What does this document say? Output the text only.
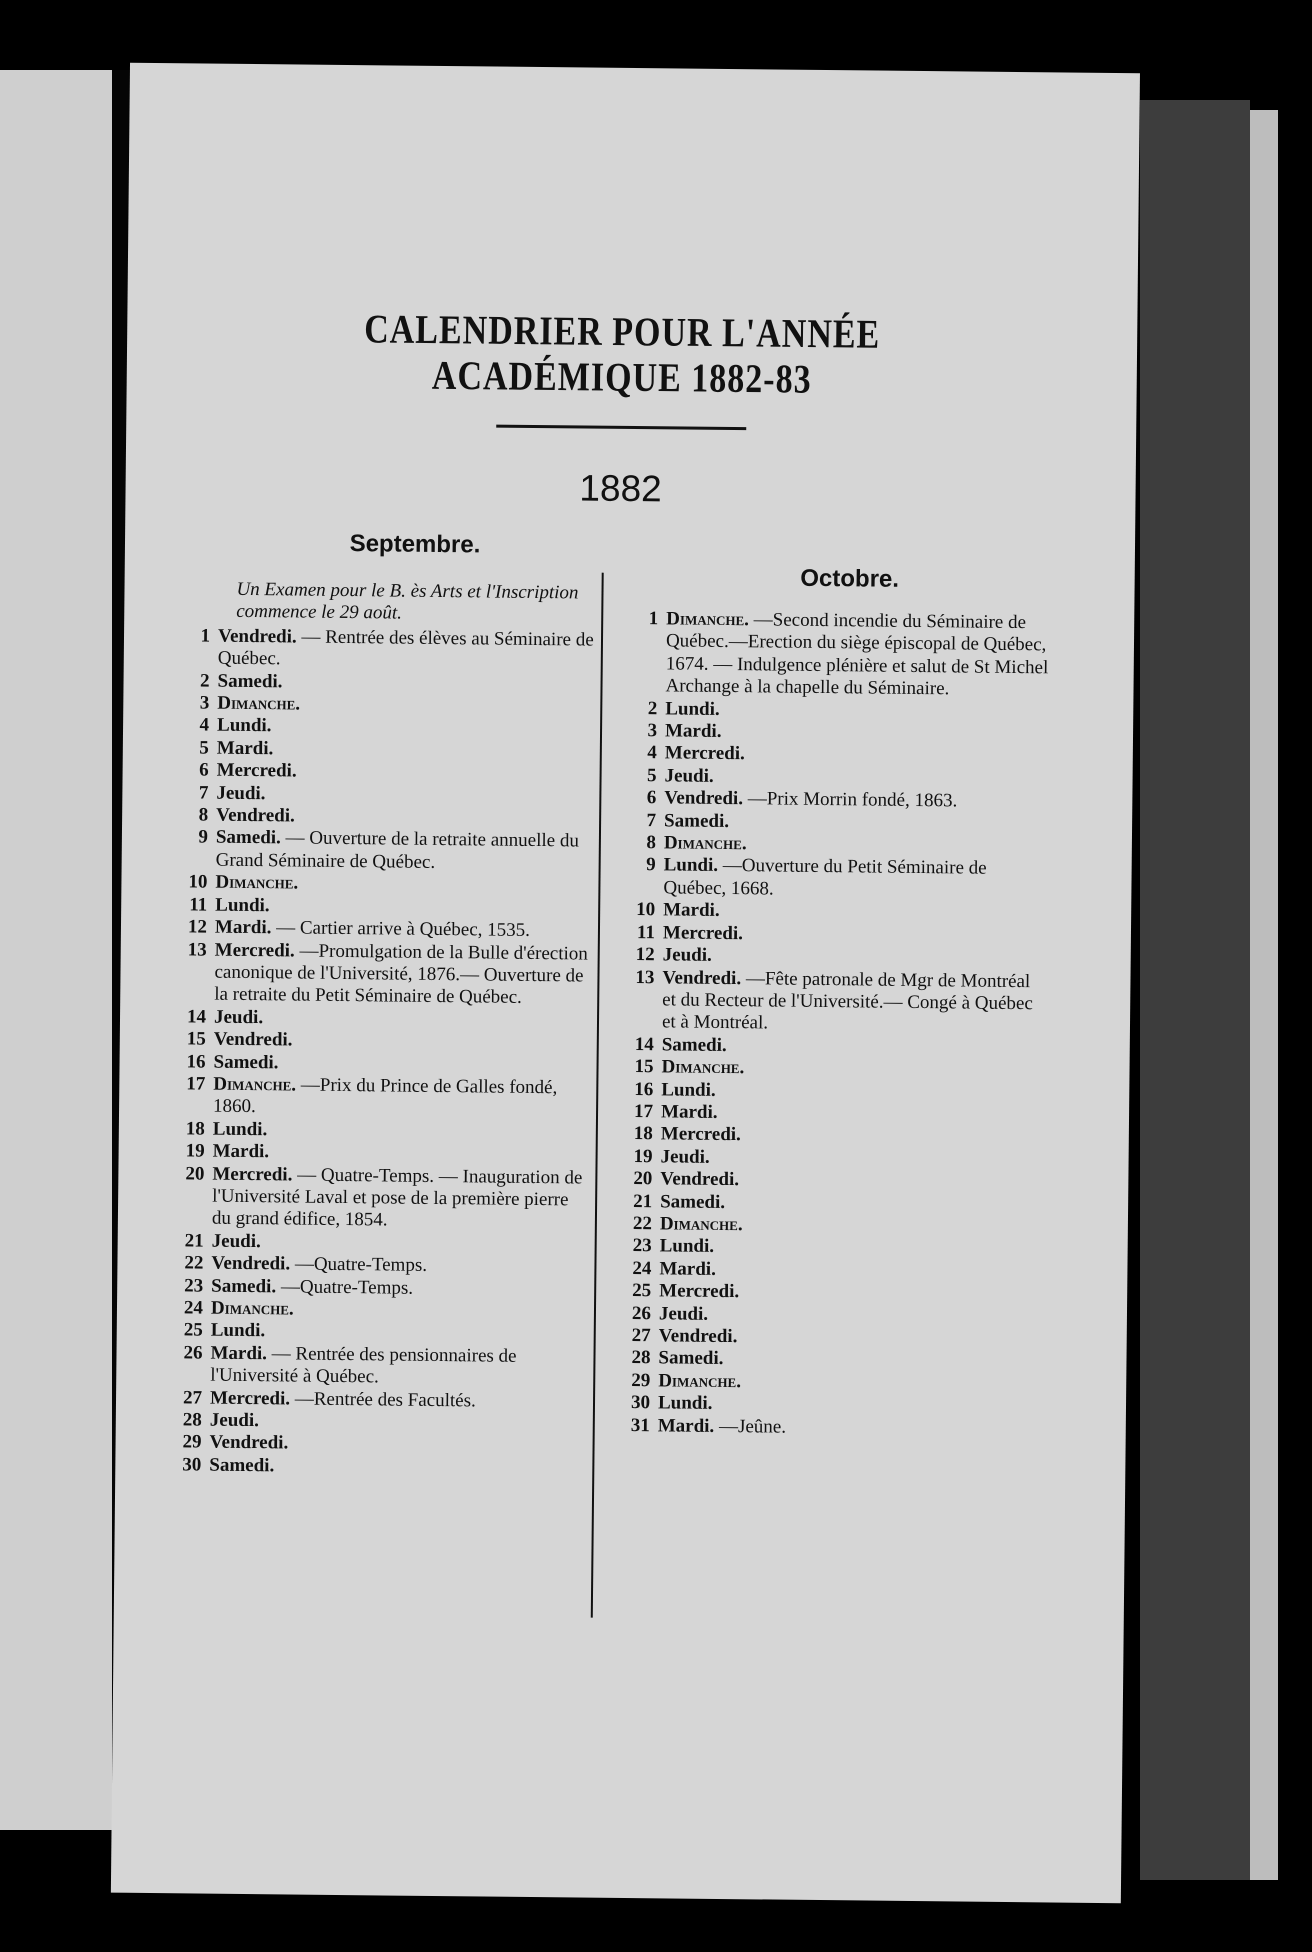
CALENDRIER POUR L'ANNÉE ACADÉMIQUE 1882-83
1882
Septembre.
Octobre.
Un Examen pour le B. ès Arts et l'Inscription commence le 29 août.
1 Vendredi. — Rentrée des élèves au Séminaire de Québec.
2 Samedi.
3 Dimanche.
4 Lundi.
5 Mardi.
6 Mercredi.
7 Jeudi.
8 Vendredi.
9 Samedi. — Ouverture de la retraite annuelle du Grand Séminaire de Québec.
10 Dimanche.
11 Lundi.
12 Mardi. — Cartier arrive à Québec, 1535.
13 Mercredi. —Promulgation de la Bulle d'érection canonique de l'Université, 1876.— Ouverture de la retraite du Petit Séminaire de Québec.
14 Jeudi.
15 Vendredi.
16 Samedi.
17 Dimanche. —Prix du Prince de Galles fondé, 1860.
18 Lundi.
19 Mardi.
20 Mercredi. — Quatre-Temps. — Inauguration de l'Université Laval et pose de la première pierre du grand édifice, 1854.
21 Jeudi.
22 Vendredi. —Quatre-Temps.
23 Samedi. —Quatre-Temps.
24 Dimanche.
25 Lundi.
26 Mardi. — Rentrée des pensionnaires de l'Université à Québec.
27 Mercredi. —Rentrée des Facultés.
28 Jeudi.
29 Vendredi.
30 Samedi.
1 Dimanche. —Second incendie du Séminaire de Québec.—Erection du siège épiscopal de Québec, 1674. — Indulgence plénière et salut de St Michel Archange à la chapelle du Séminaire.
2 Lundi.
3 Mardi.
4 Mercredi.
5 Jeudi.
6 Vendredi. —Prix Morrin fondé, 1863.
7 Samedi.
8 Dimanche.
9 Lundi. —Ouverture du Petit Séminaire de Québec, 1668.
10 Mardi.
11 Mercredi.
12 Jeudi.
13 Vendredi. —Fête patronale de Mgr de Montréal et du Recteur de l'Université.— Congé à Québec et à Montréal.
14 Samedi.
15 Dimanche.
16 Lundi.
17 Mardi.
18 Mercredi.
19 Jeudi.
20 Vendredi.
21 Samedi.
22 Dimanche.
23 Lundi.
24 Mardi.
25 Mercredi.
26 Jeudi.
27 Vendredi.
28 Samedi.
29 Dimanche.
30 Lundi.
31 Mardi. —Jeûne.
